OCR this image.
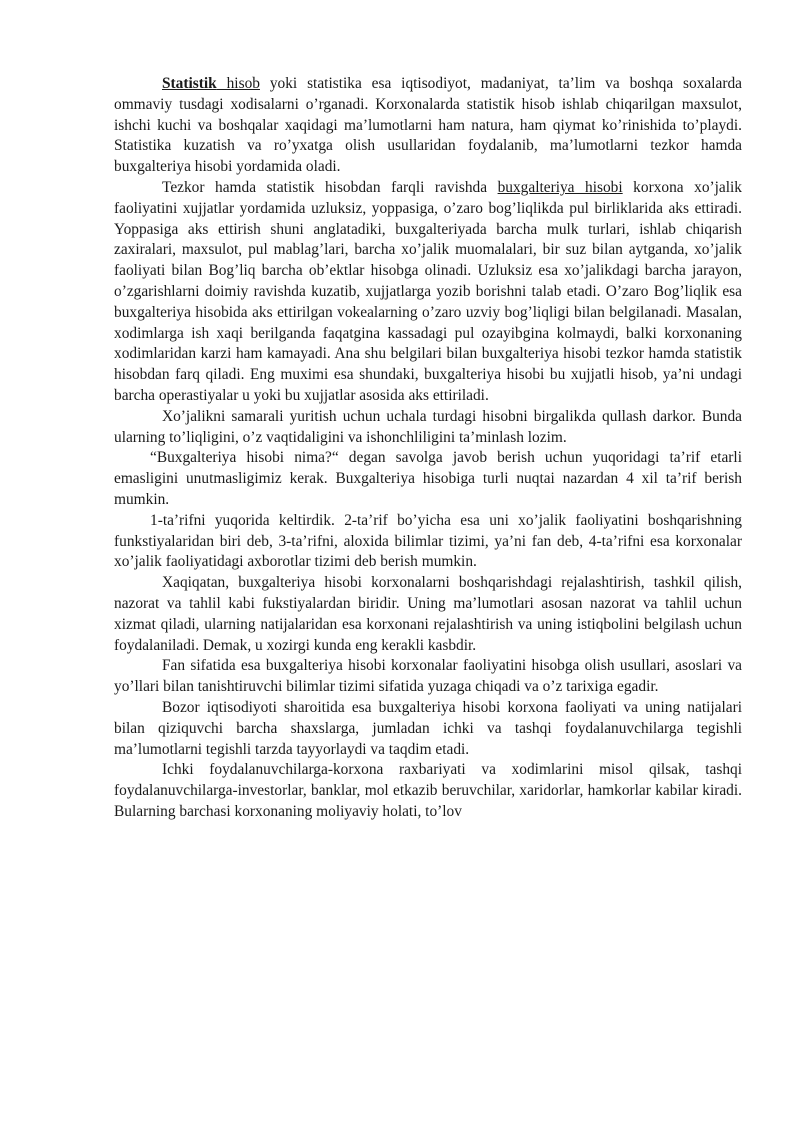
Statistik hisob yoki statistika esa iqtisodiyot, madaniyat, ta’lim va boshqa soxalarda ommaviy tusdagi xodisalarni o’rganadi. Korxonalarda statistik hisob ishlab chiqarilgan maxsulot, ishchi kuchi va boshqalar xaqidagi ma’lumotlarni ham natura, ham qiymat ko’rinishida to’playdi. Statistika kuzatish va ro’yxatga olish usullaridan foydalanib, ma’lumotlarni tezkor hamda buxgalteriya hisobi yordamida oladi.

Tezkor hamda statistik hisobdan farqli ravishda buxgalteriya hisobi korxona xo’jalik faoliyatini xujjatlar yordamida uzluksiz, yoppasiga, o’zaro bog’liqlikda pul birliklarida aks ettiradi. Yoppasiga aks ettirish shuni anglatadiki, buxgalteriyada barcha mulk turlari, ishlab chiqarish zaxiralari, maxsulot, pul mablag’lari, barcha xo’jalik muomalalari, bir suz bilan aytganda, xo’jalik faoliyati bilan Bog’liq barcha ob’ektlar hisobga olinadi. Uzluksiz esa xo’jalikdagi barcha jarayon, o’zgarishlarni doimiy ravishda kuzatib, xujjatlarga yozib borishni talab etadi. O’zaro Bog’liqlik esa buxgalteriya hisobida aks ettirilgan vokealarning o’zaro uzviy bog’liqligi bilan belgilanadi. Masalan, xodimlarga ish xaqi berilganda faqatgina kassadagi pul ozayibgina kolmaydi, balki korxonaning xodimlaridan karzi ham kamayadi. Ana shu belgilari bilan buxgalteriya hisobi tezkor hamda statistik hisobdan farq qiladi. Eng muximi esa shundaki, buxgalteriya hisobi bu xujjatli hisob, ya’ni undagi barcha operastiyalar u yoki bu xujjatlar asosida aks ettiriladi.

Xo’jalikni samarali yuritish uchun uchala turdagi hisobni birgalikda qullash darkor. Bunda ularning to’liqligini, o’z vaqtidaligini va ishonchliligini ta’minlash lozim.

“Buxgalteriya hisobi nima?“ degan savolga javob berish uchun yuqoridagi ta’rif etarli emasligini unutmasligimiz kerak. Buxgalteriya hisobiga turli nuqtai nazardan 4 xil ta’rif berish mumkin.

1-ta’rifni yuqorida keltirdik. 2-ta’rif bo’yicha esa uni xo’jalik faoliyatini boshqarishning funkstiyalaridan biri deb, 3-ta’rifni, aloxida bilimlar tizimi, ya’ni fan deb, 4-ta’rifni esa korxonalar xo’jalik faoliyatidagi axborotlar tizimi deb berish mumkin.

Xaqiqatan, buxgalteriya hisobi korxonalarni boshqarishdagi rejalashtirish, tashkil qilish, nazorat va tahlil kabi fukstiyalardan biridir. Uning ma’lumotlari asosan nazorat va tahlil uchun xizmat qiladi, ularning natijalaridan esa korxonani rejalashtirish va uning istiqbolini belgilash uchun foydalaniladi. Demak, u xozirgi kunda eng kerakli kasbdir.

Fan sifatida esa buxgalteriya hisobi korxonalar faoliyatini hisobga olish usullari, asoslari va yo’llari bilan tanishtiruvchi bilimlar tizimi sifatida yuzaga chiqadi va o’z tarixiga egadir.

Bozor iqtisodiyoti sharoitida esa buxgalteriya hisobi korxona faoliyati va uning natijalari bilan qiziquvchi barcha shaxslarga, jumladan ichki va tashqi foydalanuvchilarga tegishli ma’lumotlarni tegishli tarzda tayyorlaydi va taqdim etadi.

Ichki foydalanuvchilarga-korxona raxbariyati va xodimlarini misol qilsak, tashqi foydalanuvchilarga-investorlar, banklar, mol etkazib beruvchilar, xaridorlar, hamkorlar kabilar kiradi. Bularning barchasi korxonaning moliyaviy holati, to’lov
